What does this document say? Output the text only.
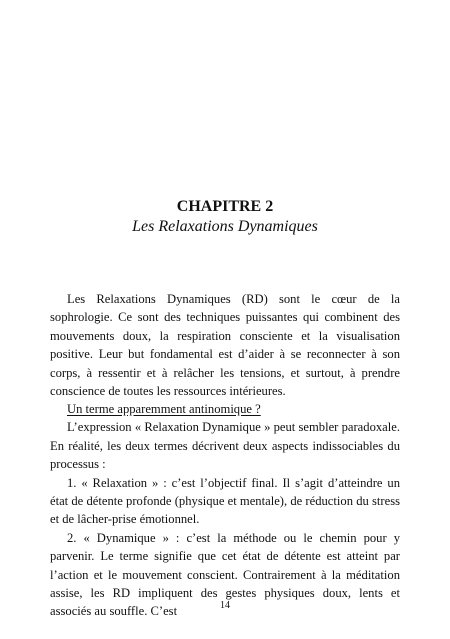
CHAPITRE 2
Les Relaxations Dynamiques

Les Relaxations Dynamiques (RD) sont le cœur de la sophrologie. Ce sont des techniques puissantes qui combinent des mouvements doux, la respiration consciente et la visualisation positive. Leur but fondamental est d’aider à se reconnecter à son corps, à ressentir et à relâcher les tensions, et surtout, à prendre conscience de toutes les ressources intérieures.

Un terme apparemment antinomique ?

L’expression « Relaxation Dynamique » peut sembler paradoxale. En réalité, les deux termes décrivent deux aspects indissociables du processus :

1. « Relaxation » : c’est l’objectif final. Il s’agit d’atteindre un état de détente profonde (physique et mentale), de réduction du stress et de lâcher-prise émotionnel.

2. « Dynamique » : c’est la méthode ou le chemin pour y parvenir. Le terme signifie que cet état de détente est atteint par l’action et le mouvement conscient. Contrairement à la méditation assise, les RD impliquent des gestes physiques doux, lents et associés au souffle. C’est	14
